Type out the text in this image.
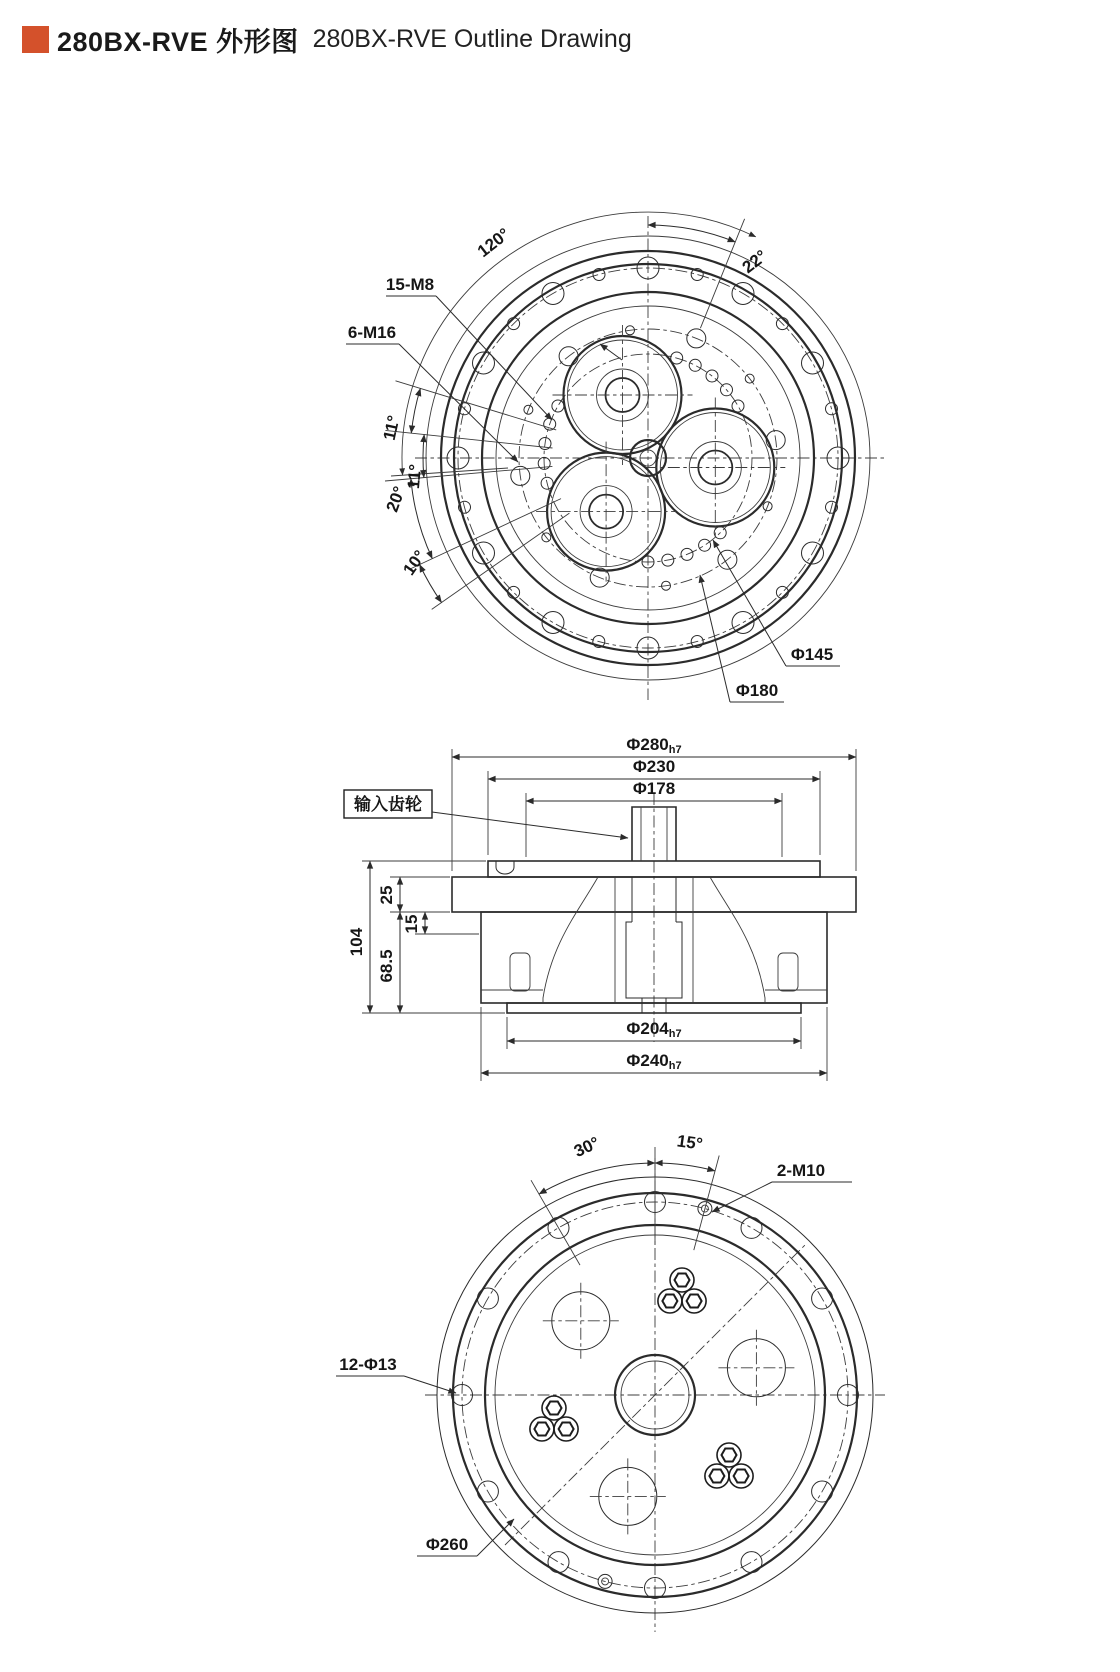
280BX-RVE 外形图 280BX-RVE Outline Drawing
120°
22°
11°
11°
20°
10°
15-M8
6-M16
Φ145
Φ180
Φ280h7
Φ230
Φ178
输入齿轮
104
25
15
68.5
Φ204h7
Φ240h7
30°	15°
2-M10
12-Φ13
Φ260
